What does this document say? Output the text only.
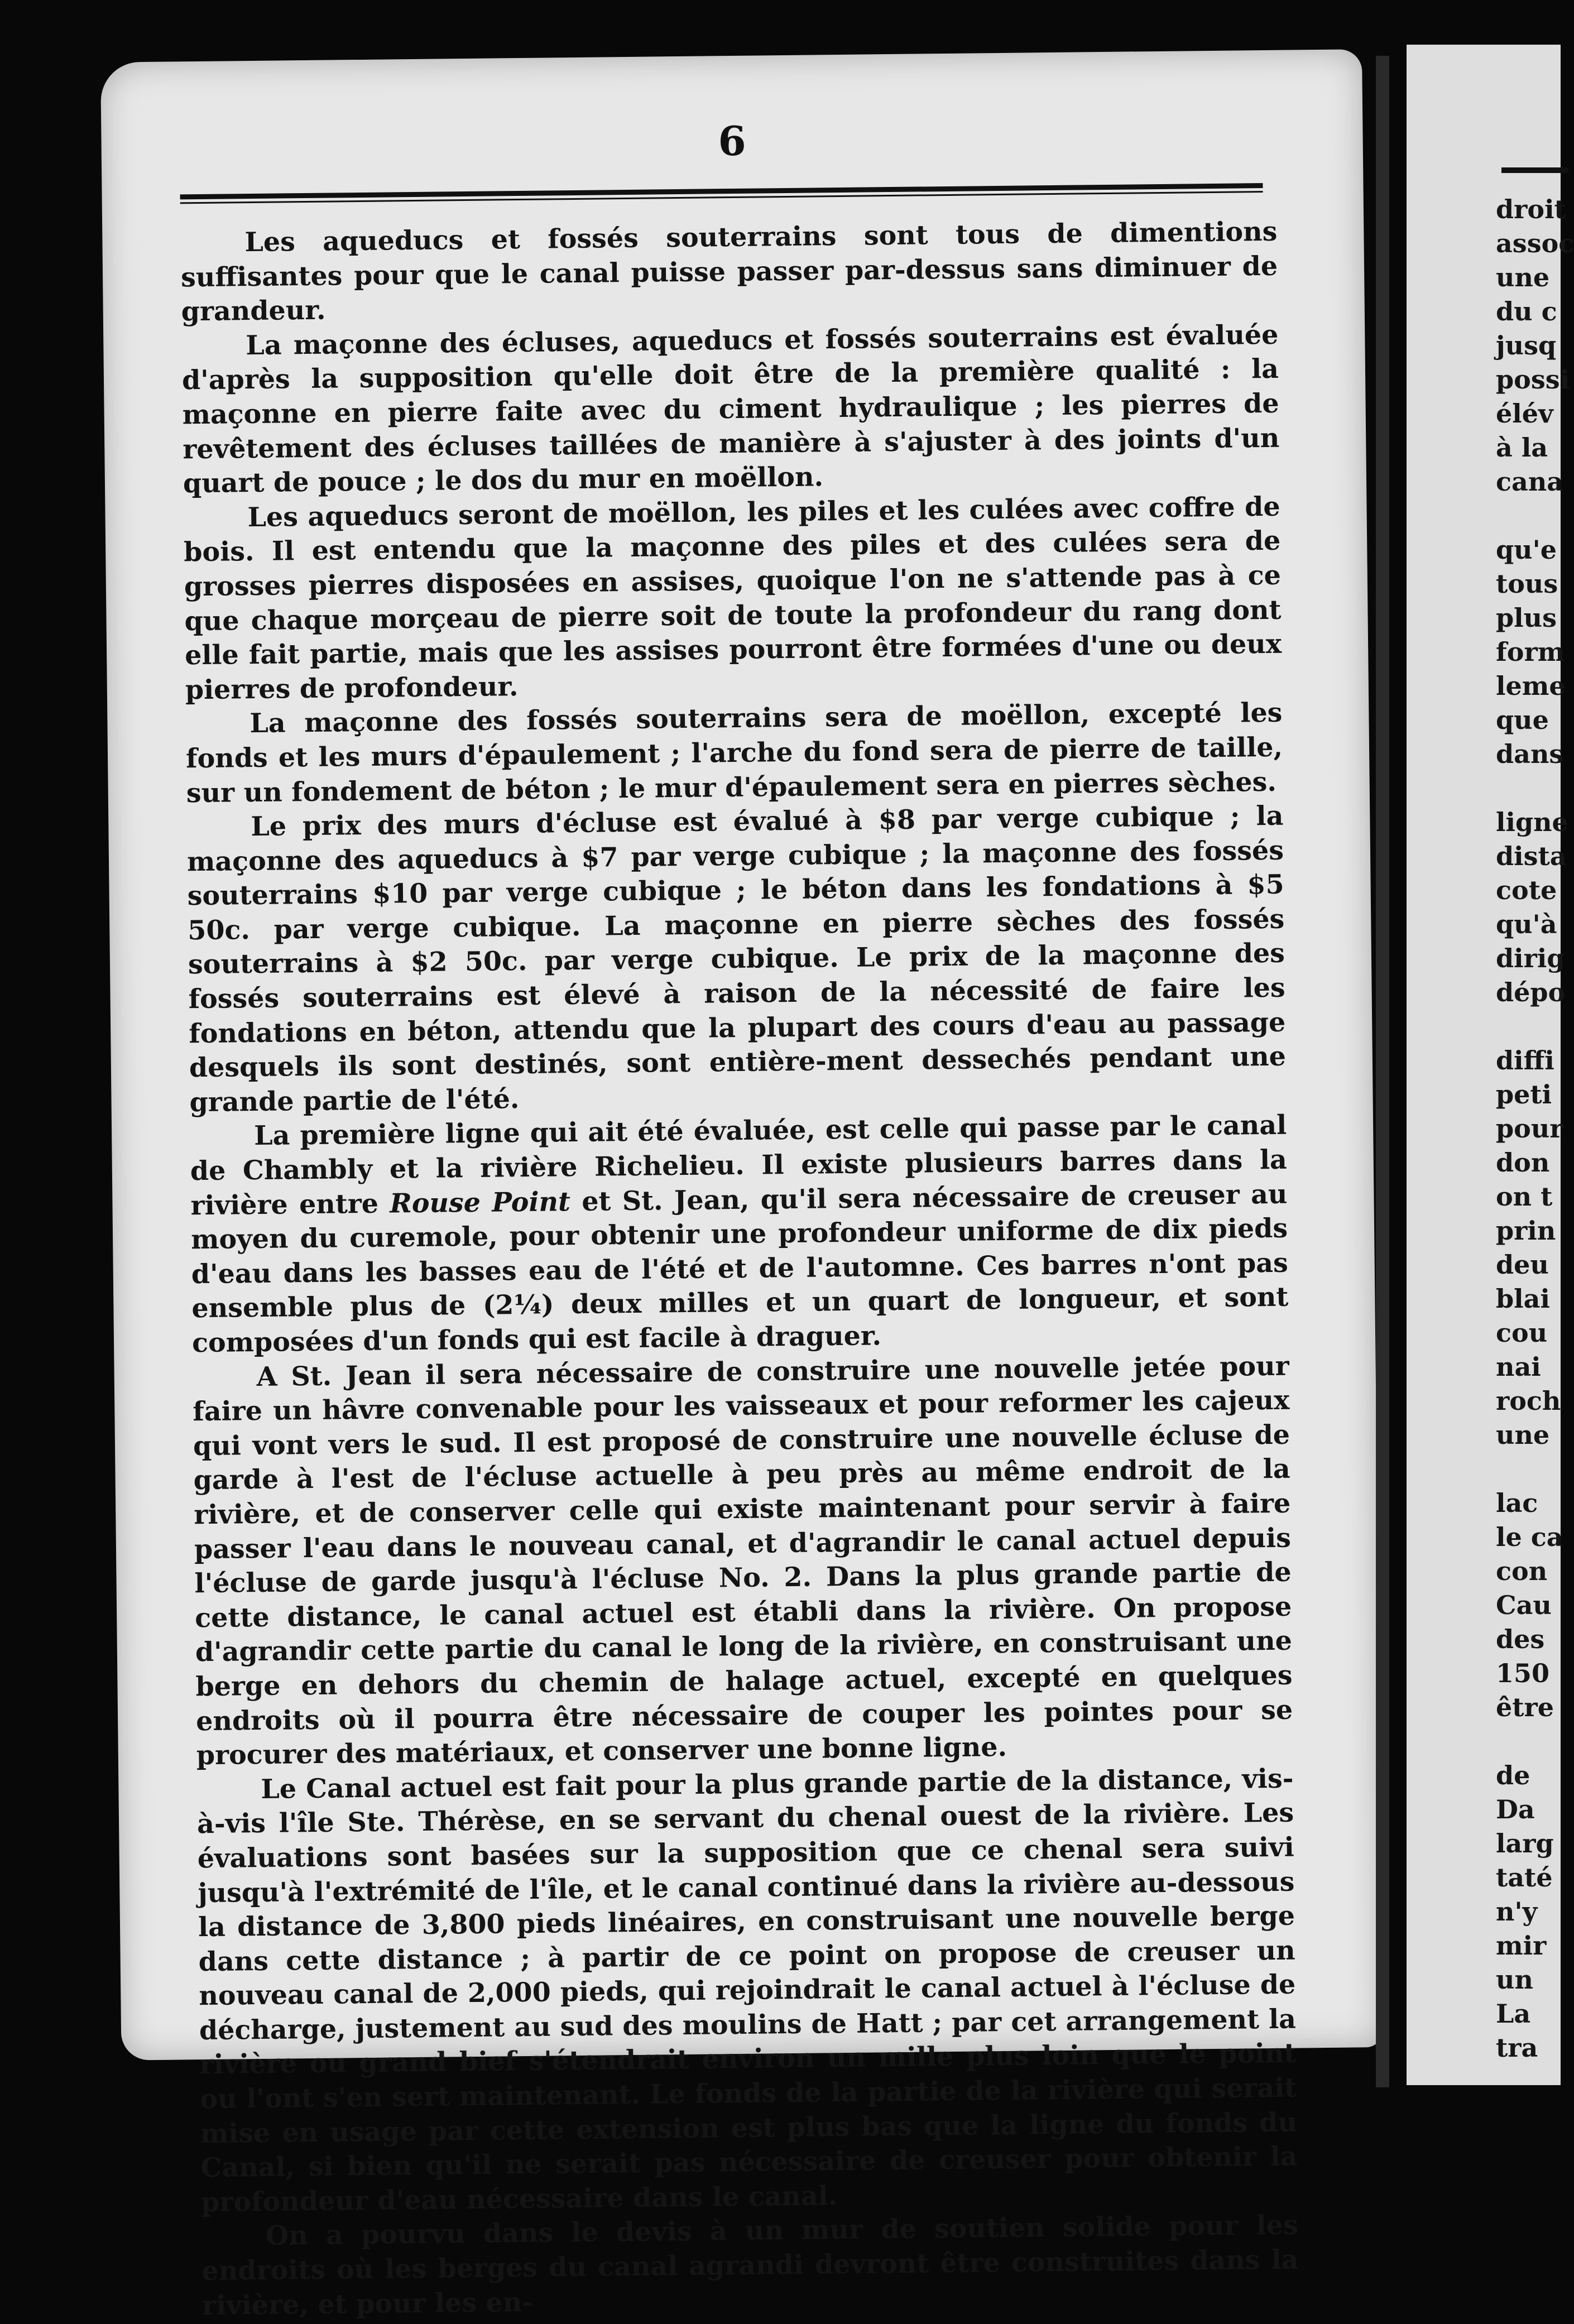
6

Les aqueducs et fossés souterrains sont tous de dimentions suffisantes pour que le canal puisse passer par-dessus sans diminuer de grandeur.

La maçonne des écluses, aqueducs et fossés souterrains est évaluée d'après la supposition qu'elle doit être de la première qualité : la maçonne en pierre faite avec du ciment hydraulique ; les pierres de revêtement des écluses taillées de manière à s'ajuster à des joints d'un quart de pouce ; le dos du mur en moëllon.

Les aqueducs seront de moëllon, les piles et les culées avec coffre de bois. Il est entendu que la maçonne des piles et des culées sera de grosses pierres disposées en assises, quoique l'on ne s'attende pas à ce que chaque morçeau de pierre soit de toute la profondeur du rang dont elle fait partie, mais que les assises pourront être formées d'une ou deux pierres de profondeur.

La maçonne des fossés souterrains sera de moëllon, excepté les fonds et les murs d'épaulement ; l'arche du fond sera de pierre de taille, sur un fondement de béton ; le mur d'épaulement sera en pierres sèches.

Le prix des murs d'écluse est évalué à $8 par verge cubique ; la maçonne des aqueducs à $7 par verge cubique ; la maçonne des fossés souterrains $10 par verge cubique ; le béton dans les fondations à $5 50c. par verge cubique. La maçonne en pierre sèches des fossés souterrains à $2 50c. par verge cubique. Le prix de la maçonne des fossés souterrains est élevé à raison de la nécessité de faire les fondations en béton, attendu que la plupart des cours d'eau au passage desquels ils sont destinés, sont entière-ment dessechés pendant une grande partie de l'été.

La première ligne qui ait été évaluée, est celle qui passe par le canal de Chambly et la rivière Richelieu. Il existe plusieurs barres dans la rivière entre Rouse Point et St. Jean, qu'il sera nécessaire de creuser au moyen du curemole, pour obtenir une profondeur uniforme de dix pieds d'eau dans les basses eau de l'été et de l'automne. Ces barres n'ont pas ensemble plus de (2¼) deux milles et un quart de longueur, et sont composées d'un fonds qui est facile à draguer.

A St. Jean il sera nécessaire de construire une nouvelle jetée pour faire un hâvre convenable pour les vaisseaux et pour reformer les cajeux qui vont vers le sud. Il est proposé de construire une nouvelle écluse de garde à l'est de l'écluse actuelle à peu près au même endroit de la rivière, et de conserver celle qui existe maintenant pour servir à faire passer l'eau dans le nouveau canal, et d'agrandir le canal actuel depuis l'écluse de garde jusqu'à l'écluse No. 2. Dans la plus grande partie de cette distance, le canal actuel est établi dans la rivière. On propose d'agrandir cette partie du canal le long de la rivière, en construisant une berge en dehors du chemin de halage actuel, excepté en quelques endroits où il pourra être nécessaire de couper les pointes pour se procurer des matériaux, et conserver une bonne ligne.

Le Canal actuel est fait pour la plus grande partie de la distance, vis-à-vis l'île Ste. Thérèse, en se servant du chenal ouest de la rivière. Les évaluations sont basées sur la supposition que ce chenal sera suivi jusqu'à l'extrémité de l'île, et le canal continué dans la rivière au-dessous la distance de 3,800 pieds linéaires, en construisant une nouvelle berge dans cette distance ; à partir de ce point on propose de creuser un nouveau canal de 2,000 pieds, qui rejoindrait le canal actuel à l'écluse de décharge, justement au sud des moulins de Hatt ; par cet arrangement la rivière ou grand bief s'étendrait environ un mille plus loin que le point ou l'ont s'en sert maintenant. Le fonds de la partie de la rivière qui serait mise en usage par cette extension est plus bas que la ligne du fonds du Canal, si bien qu'il ne serait pas nécessaire de creuser pour obtenir la profondeur d'eau nécessaire dans le canal.

On a pourvu dans le devis à un mur de soutien solide pour les endroits où les berges du canal agrandi devront être construites dans la rivière, et pour les en-

droit
assoc
une
du c
jusq
possi
élév
à la
cana
qu'e
tous
plus
form
leme
que
dans
ligne
dista
cote
qu'à
dirig
dépo
diffi
peti
pour
don
on t
prin
deu
blai
cou
nai
roch
une
lac
le ca
con
Cau
des
150
être
de
Da
larg
taté
n'y
mir
un
La
tra
